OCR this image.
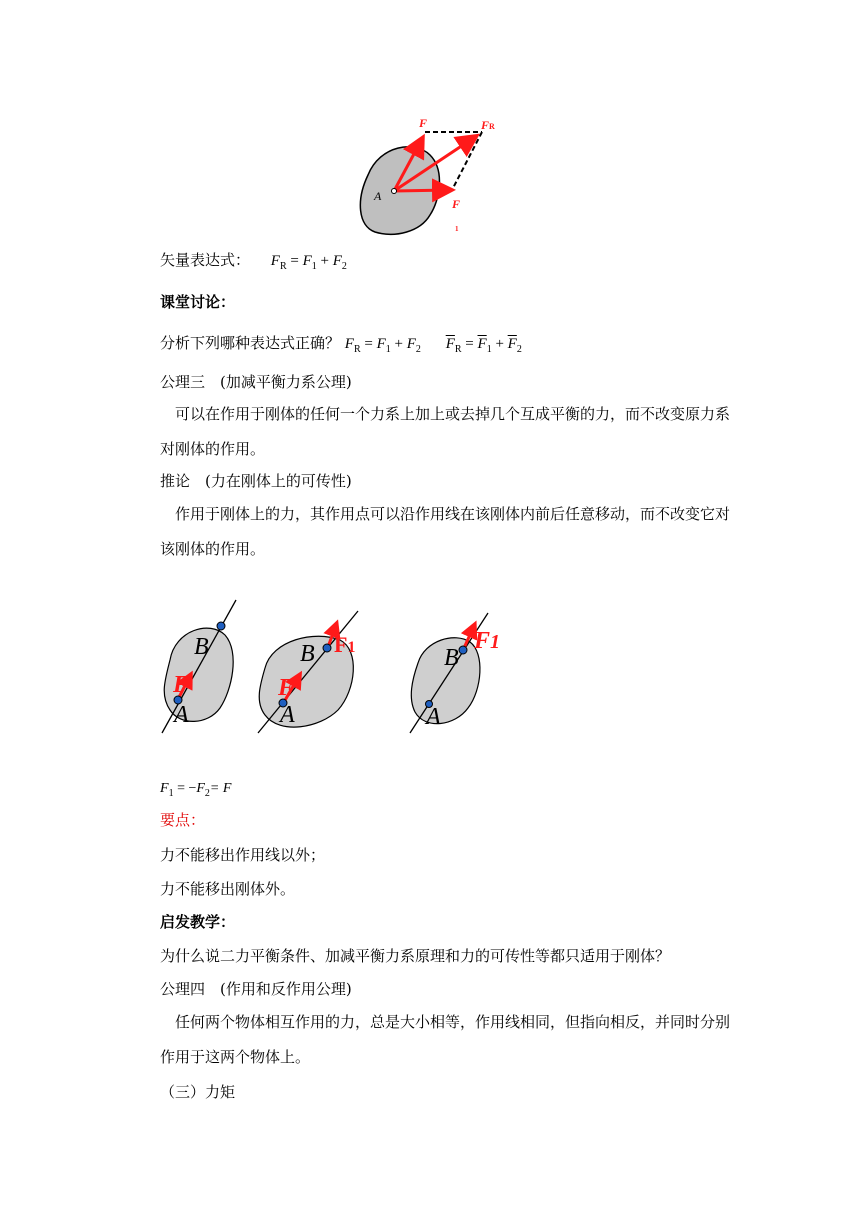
F	FR
A
F
1
矢量表达式： $F_R = F_1 + F_2$
课堂讨论：
分析下列哪种表达式正确？ $F_R = F_1 + F_2$ $\overline{F}_R = \overline{F}_1 + \overline{F}_2$
公理三　(加减平衡力系公理)
可以在作用于刚体的任何一个力系上加上或去掉几个互成平衡的力，而不改变原力系对刚体的作用。
推论　(力在刚体上的可传性)
作用于刚体上的力，其作用点可以沿作用线在该刚体内前后任意移动，而不改变它对该刚体的作用。
B
A
F
B
A
F
F1	B
A
F1
$F_1 = -F_2= F$
要点：
力不能移出作用线以外；
力不能移出刚体外。
启发教学：
为什么说二力平衡条件、加减平衡力系原理和力的可传性等都只适用于刚体？
公理四　(作用和反作用公理)
任何两个物体相互作用的力，总是大小相等，作用线相同，但指向相反，并同时分别作用于这两个物体上。
（三）力矩
